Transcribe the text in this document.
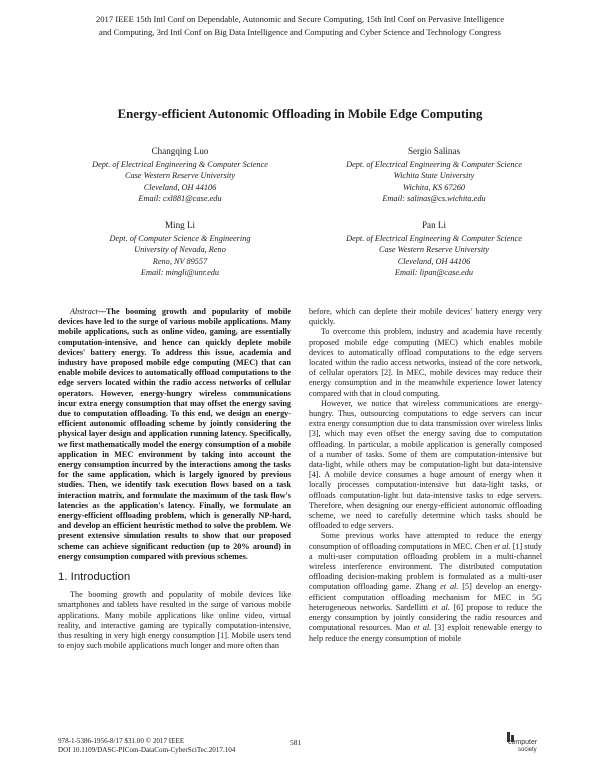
2017 IEEE 15th Intl Conf on Dependable, Autonomic and Secure Computing, 15th Intl Conf on Pervasive Intelligence
and Computing, 3rd Intl Conf on Big Data Intelligence and Computing and Cyber Science and Technology Congress
Energy-efficient Autonomic Offloading in Mobile Edge Computing
Changqing Luo
Dept. of Electrical Engineering & Computer Science
Case Western Reserve University
Cleveland, OH 44106
Email: cxl881@case.edu
Sergio Salinas
Dept. of Electrical Engineering & Computer Science
Wichita State University
Wichita, KS 67260
Email: salinas@cs.wichita.edu
Ming Li
Dept. of Computer Science & Engineering
University of Nevada, Reno
Reno, NV 89557
Email: mingli@unr.edu
Pan Li
Dept. of Electrical Engineering & Computer Science
Case Western Reserve University
Cleveland, OH 44106
Email: lipan@case.edu

Abstract—The booming growth and popularity of mobile devices have led to the surge of various mobile applications. Many mobile applications, such as online video, gaming, are essentially computation-intensive, and hence can quickly deplete mobile devices' battery energy. To address this issue, academia and industry have proposed mobile edge computing (MEC) that can enable mobile devices to automatically offload computations to the edge servers located within the radio access networks of cellular operators. However, energy-hungry wireless communications incur extra energy consumption that may offset the energy saving due to computation offloading. To this end, we design an energy-efficient autonomic offloading scheme by jointly considering the physical layer design and application running latency. Specifically, we first mathematically model the energy consumption of a mobile application in MEC environment by taking into account the energy consumption incurred by the interactions among the tasks for the same application, which is largely ignored by previous studies. Then, we identify task execution flows based on a task interaction matrix, and formulate the maximum of the task flow's latencies as the application's latency. Finally, we formulate an energy-efficient offloading problem, which is generally NP-hard, and develop an efficient heuristic method to solve the problem. We present extensive simulation results to show that our proposed scheme can achieve significant reduction (up to 20% around) in energy consumption compared with previous schemes.

1. Introduction

The booming growth and popularity of mobile devices like smartphones and tablets have resulted in the surge of various mobile applications. Many mobile applications like online video, virtual reality, and interactive gaming are typically computation-intensive, thus resulting in very high energy consumption [1]. Mobile users tend to enjoy such mobile applications much longer and more often than

before, which can deplete their mobile devices' battery energy very quickly.

To overcome this problem, industry and academia have recently proposed mobile edge computing (MEC) which enables mobile devices to automatically offload computations to the edge servers located within the radio access networks, instead of the core network, of cellular operators [2]. In MEC, mobile devices may reduce their energy consumption and in the meanwhile experience lower latency compared with that in cloud computing.

However, we notice that wireless communications are energy-hungry. Thus, outsourcing computations to edge servers can incur extra energy consumption due to data transmission over wireless links [3], which may even offset the energy saving due to computation offloading. In particular, a mobile application is generally composed of a number of tasks. Some of them are computation-intensive but data-light, while others may be computation-light but data-intensive [4]. A mobile device consumes a huge amount of energy when it locally processes computation-intensive but data-light tasks, or offloads computation-light but data-intensive tasks to edge servers. Therefore, when designing our energy-efficient autonomic offloading scheme, we need to carefully determine which tasks should be offloaded to edge servers.

Some previous works have attempted to reduce the energy consumption of offloading computations in MEC. Chen et al. [1] study a multi-user computation offloading problem in a multi-channel wireless interference environment. The distributed computation offloading decision-making problem is formulated as a multi-user computation offloading game. Zhang et al. [5] develop an energy-efficient computation offloading mechanism for MEC in 5G heterogeneous networks. Sardellitti et al. [6] propose to reduce the energy consumption by jointly considering the radio resources and computational resources. Mao et al. [3] exploit renewable energy to help reduce the energy consumption of mobile

978-1-5386-1956-8/17 $31.00 © 2017 IEEE
DOI 10.1109/DASC-PICom-DataCom-CyberSciTec.2017.104
581	computer
society
